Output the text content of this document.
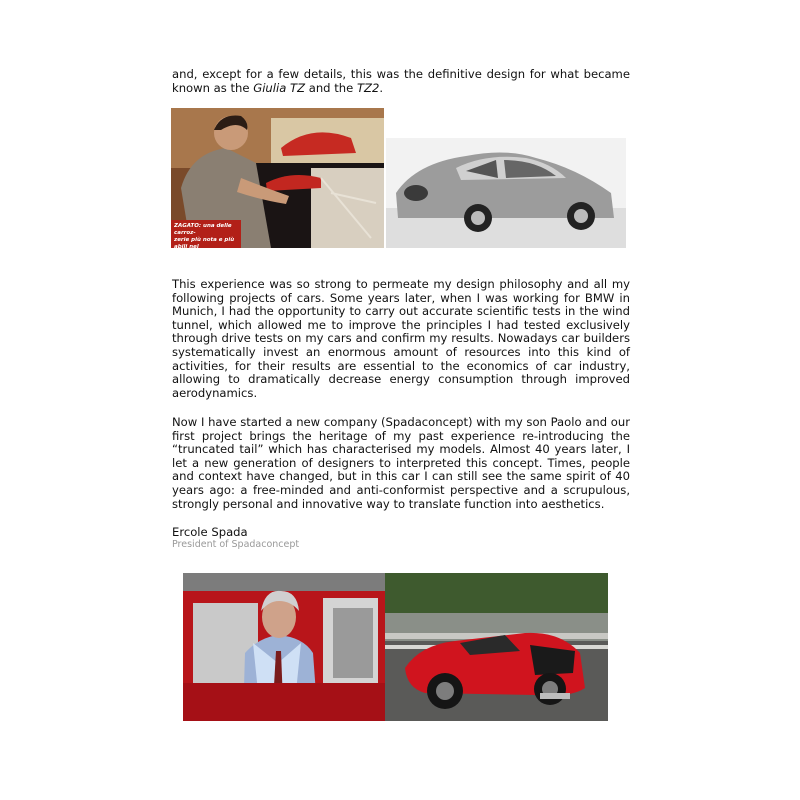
and, except for a few details, this was the definitive design for what became known as the Giulia TZ and the TZ2.

ZAGATO: una delle carroz-
zerie più nota e più abili nel

This experience was so strong to permeate my design philosophy and all my following projects of cars. Some years later, when I was working for BMW in Munich, I had the opportunity to carry out accurate scientific tests in the wind tunnel, which allowed me to improve the principles I had tested exclusively through drive tests on my cars and confirm my results. Nowadays car builders systematically invest an enormous amount of resources into this kind of activities, for their results are essential to the economics of car industry, allowing to dramatically decrease energy consumption through improved aerodynamics.

Now I have started a new company (Spadaconcept) with my son Paolo and our first project brings the heritage of my past experience re-introducing the “truncated tail” which has characterised my models. Almost 40 years later, I let a new generation of designers to interpreted this concept. Times, people and context have changed, but in this car I can still see the same spirit of 40 years ago: a free-minded and anti-conformist perspective and a scrupulous, strongly personal and innovative way to translate function into aesthetics.

Ercole Spada

President of Spadaconcept
